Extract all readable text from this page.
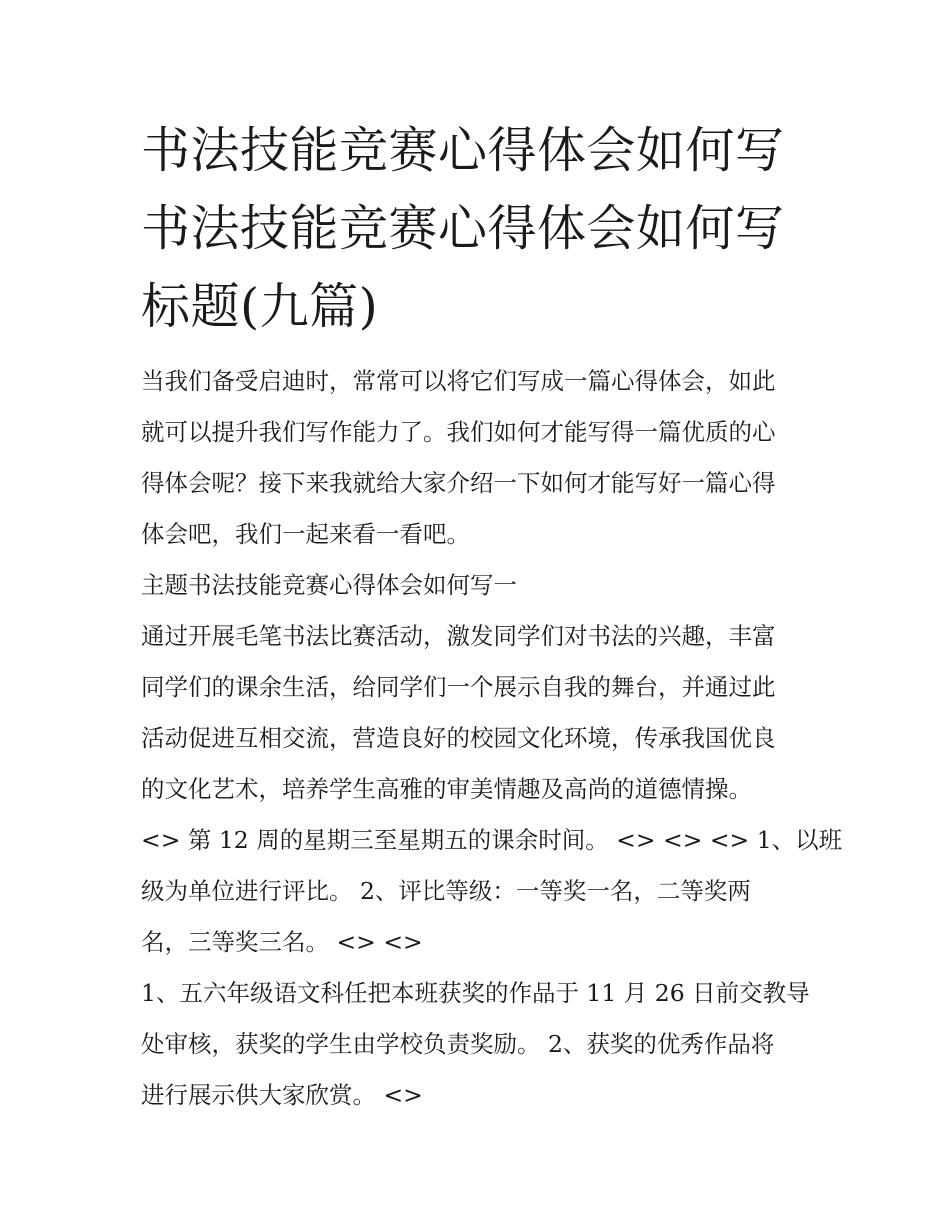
书法技能竞赛心得体会如何写
书法技能竞赛心得体会如何写
标题(九篇)

当我们备受启迪时，常常可以将它们写成一篇心得体会，如此
就可以提升我们写作能力了。我们如何才能写得一篇优质的心
得体会呢？接下来我就给大家介绍一下如何才能写好一篇心得
体会吧，我们一起来看一看吧。

主题书法技能竞赛心得体会如何写一

通过开展毛笔书法比赛活动，激发同学们对书法的兴趣，丰富
同学们的课余生活，给同学们一个展示自我的舞台，并通过此
活动促进互相交流，营造良好的校园文化环境，传承我国优良
的文化艺术，培养学生高雅的审美情趣及高尚的道德情操。

<> 第 12 周的星期三至星期五的课余时间。 <> <> <> 1、以班
级为单位进行评比。 2、评比等级：一等奖一名，二等奖两
名，三等奖三名。 <> <>

1、五六年级语文科任把本班获奖的作品于 11 月 26 日前交教导
处审核，获奖的学生由学校负责奖励。 2、获奖的优秀作品将
进行展示供大家欣赏。 <>
